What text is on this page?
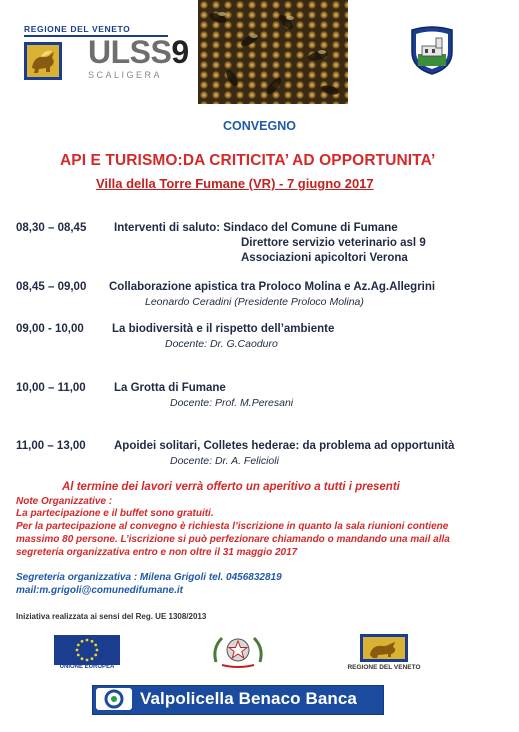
REGIONE DEL VENETO
ULSS9
SCALIGERA
CONVEGNO
API E TURISMO:DA CRITICITA’ AD OPPORTUNITA’
Villa della Torre Fumane (VR) - 7 giugno 2017
08,30 – 08,45 Interventi di saluto: Sindaco del Comune di Fumane
Direttore servizio veterinario asl 9
Associazioni apicoltori Verona
08,45 – 09,00 Collaborazione apistica tra Proloco Molina e Az.Ag.Allegrini
Leonardo Ceradini (Presidente Proloco Molina)
09,00 - 10,00 La biodiversità e il rispetto dell’ambiente
Docente: Dr. G.Caoduro
10,00 – 11,00 La Grotta di Fumane
Docente: Prof. M.Peresani
11,00 – 13,00 Apoidei solitari, Colletes hederae: da problema ad opportunità
Docente: Dr. A. Felicioli
Al termine dei lavori verrà offerto un aperitivo a tutti i presenti
Note Organizzative :
La partecipazione e il buffet sono gratuiti.
Per la partecipazione al convegno è richiesta l’iscrizione in quanto la sala riunioni contiene
massimo 80 persone. L’iscrizione si può perfezionare chiamando o mandando una mail alla
segreteria organizzativa entro e non oltre il 31 maggio 2017
Segreteria organizzativa : Milena Grigoli tel. 0456832819
mail:m.grigoli@comunedifumane.it
Iniziativa realizzata ai sensi del Reg. UE 1308/2013
UNIONE EUROPEA	REGIONE DEL VENETO
Valpolicella Benaco Banca
